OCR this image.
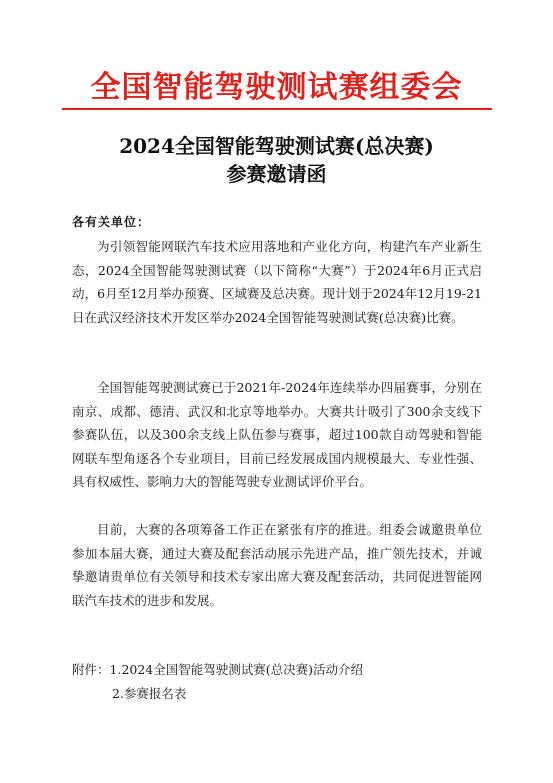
全国智能驾驶测试赛组委会
2024全国智能驾驶测试赛(总决赛)
参赛邀请函
各有关单位：
为引领智能网联汽车技术应用落地和产业化方向，构建汽车产业新生态，2024全国智能驾驶测试赛（以下简称“大赛”）于2024年6月正式启动，6月至12月举办预赛、区域赛及总决赛。现计划于2024年12月19-21日在武汉经济技术开发区举办2024全国智能驾驶测试赛(总决赛)比赛。
全国智能驾驶测试赛已于2021年-2024年连续举办四届赛事，分别在南京、成都、德清、武汉和北京等地举办。大赛共计吸引了300余支线下参赛队伍，以及300余支线上队伍参与赛事，超过100款自动驾驶和智能网联车型角逐各个专业项目，目前已经发展成国内规模最大、专业性强、具有权威性、影响力大的智能驾驶专业测试评价平台。
目前，大赛的各项筹备工作正在紧张有序的推进。组委会诚邀贵单位参加本届大赛，通过大赛及配套活动展示先进产品，推广领先技术，并诚挚邀请贵单位有关领导和技术专家出席大赛及配套活动，共同促进智能网联汽车技术的进步和发展。
附件：1.2024全国智能驾驶测试赛(总决赛)活动介绍
2.参赛报名表
